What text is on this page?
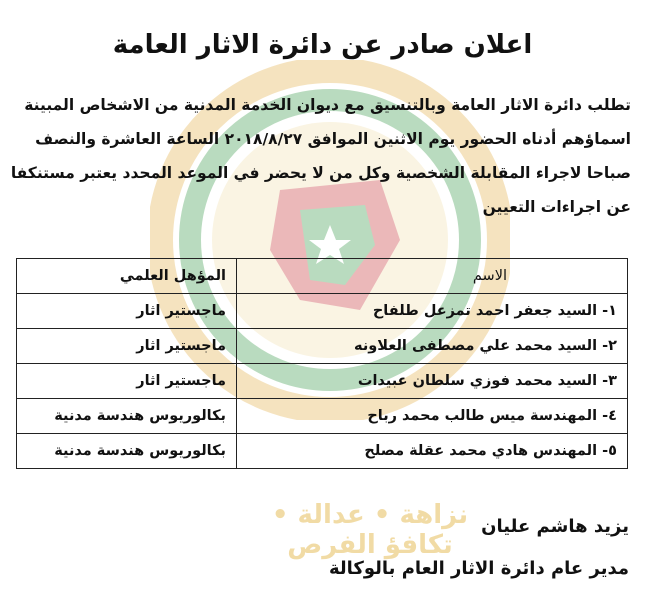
نزاهة • عدالة • تكافؤ الفرص
اعلان صادر عن دائرة الاثار العامة
تطلب دائرة الاثار العامة وبالتنسيق مع ديوان الخدمة المدنية من الاشخاص المبينة
اسماؤهم أدناه الحضور يوم الاثنين الموافق ٢٠١٨/٨/٢٧ الساعة العاشرة والنصف
صباحا لاجراء المقابلة الشخصية وكل من لا يحضر في الموعد المحدد يعتبر مستنكفا
عن اجراءات التعيين
الاسم	المؤهل العلمي
١- السيد جعفر احمد تمزعل طلفاح	ماجستير اثار
٢- السيد محمد علي مصطفى العلاونه	ماجستير اثار
٣- السيد محمد فوزي سلطان عبيدات	ماجستير اثار
٤- المهندسة ميس طالب محمد رباح	بكالوريوس هندسة مدنية
٥- المهندس هادي محمد عقلة مصلح	بكالوريوس هندسة مدنية
يزيد هاشم عليان
مدير عام دائرة الاثار العام بالوكالة
